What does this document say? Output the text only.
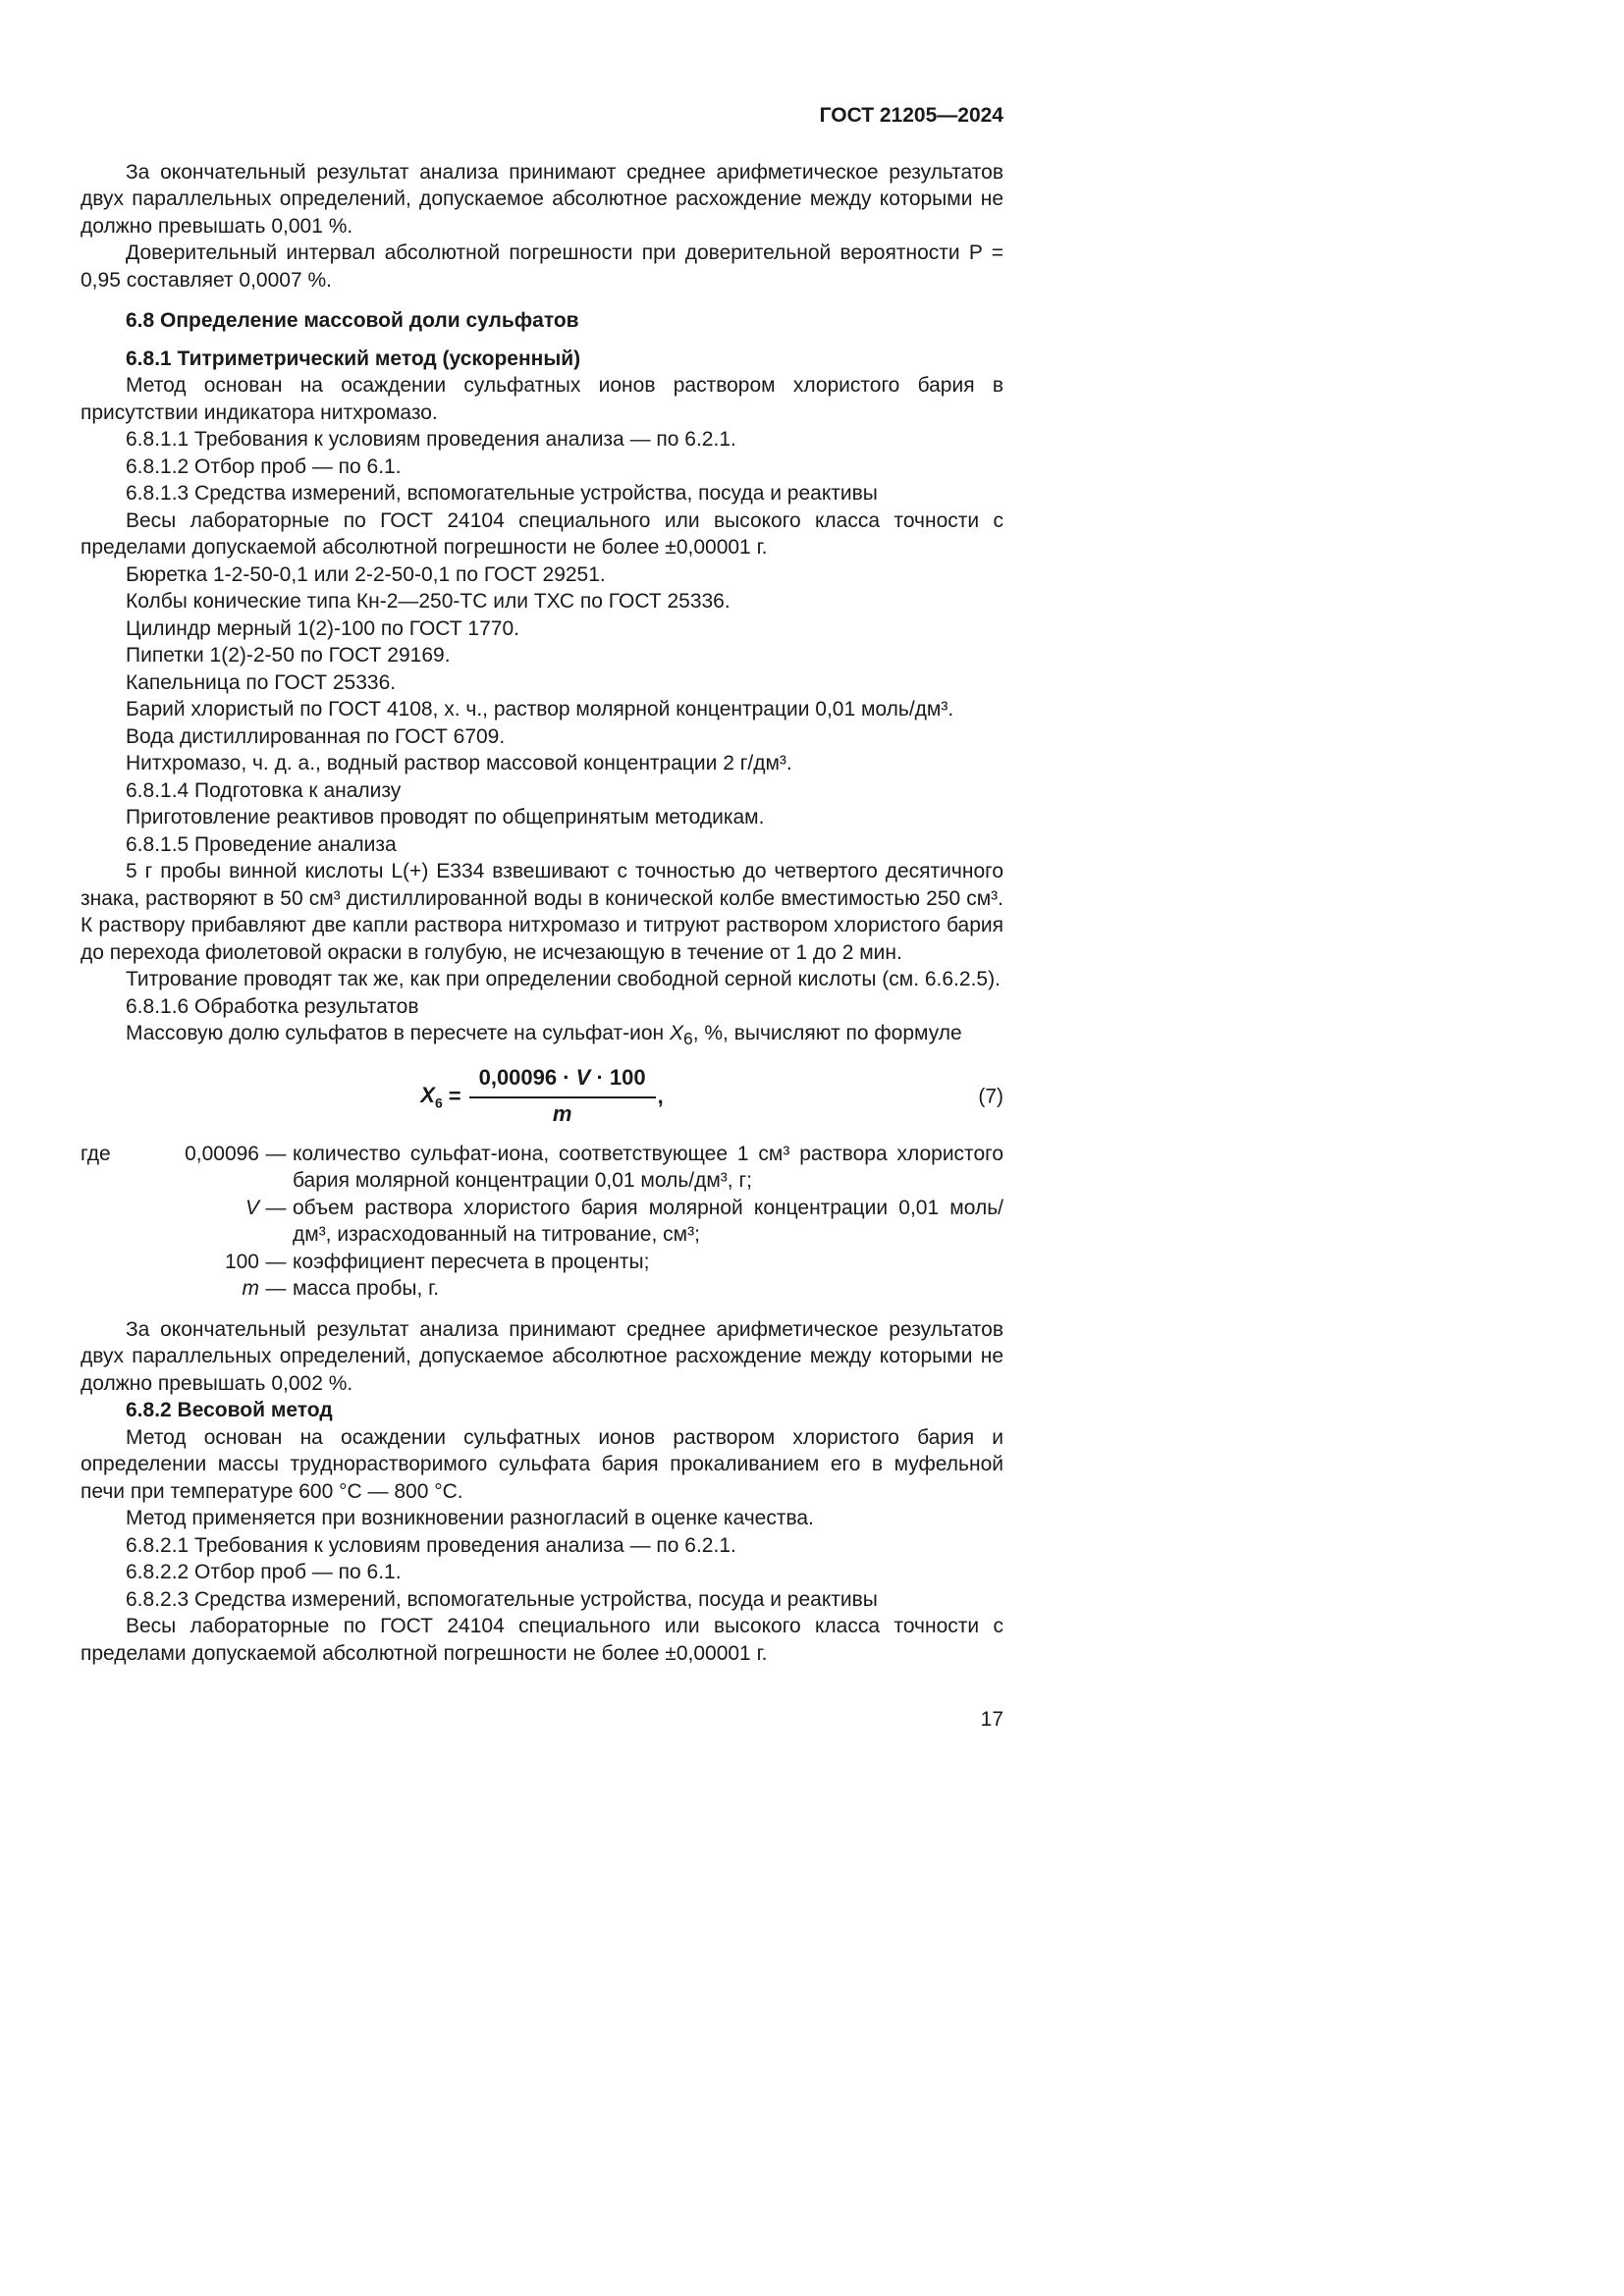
ГОСТ 21205—2024

За окончательный результат анализа принимают среднее арифметическое результатов двух параллельных определений, допускаемое абсолютное расхождение между которыми не должно превышать 0,001 %.

Доверительный интервал абсолютной погрешности при доверительной вероятности P = 0,95 составляет 0,0007 %.

6.8 Определение массовой доли сульфатов

6.8.1 Титриметрический метод (ускоренный)

Метод основан на осаждении сульфатных ионов раствором хлористого бария в присутствии индикатора нитхромазо.

6.8.1.1 Требования к условиям проведения анализа — по 6.2.1.

6.8.1.2 Отбор проб — по 6.1.

6.8.1.3 Средства измерений, вспомогательные устройства, посуда и реактивы

Весы лабораторные по ГОСТ 24104 специального или высокого класса точности с пределами допускаемой абсолютной погрешности не более ±0,00001 г.

Бюретка 1-2-50-0,1 или 2-2-50-0,1 по ГОСТ 29251.

Колбы конические типа Кн-2—250-ТС или ТХС по ГОСТ 25336.

Цилиндр мерный 1(2)-100 по ГОСТ 1770.

Пипетки 1(2)-2-50 по ГОСТ 29169.

Капельница по ГОСТ 25336.

Барий хлористый по ГОСТ 4108, х. ч., раствор молярной концентрации 0,01 моль/дм³.

Вода дистиллированная по ГОСТ 6709.

Нитхромазо, ч. д. а., водный раствор массовой концентрации 2 г/дм³.

6.8.1.4 Подготовка к анализу

Приготовление реактивов проводят по общепринятым методикам.

6.8.1.5 Проведение анализа

5 г пробы винной кислоты L(+) Е334 взвешивают с точностью до четвертого десятичного знака, растворяют в 50 см³ дистиллированной воды в конической колбе вместимостью 250 см³. К раствору прибавляют две капли раствора нитхромазо и титруют раствором хлористого бария до перехода фиолетовой окраски в голубую, не исчезающую в течение от 1 до 2 мин.

Титрование проводят так же, как при определении свободной серной кислоты (см. 6.6.2.5).

6.8.1.6 Обработка результатов

Массовую долю сульфатов в пересчете на сульфат-ион $X_6$, %, вычисляют по формуле

$X_6 = \frac{0,00096 \cdot V \cdot 100}{m}$ ,	(7)
где	0,00096 — количество сульфат-иона, соответствующее 1 см³ раствора хлористого бария молярной концентрации 0,01 моль/дм³, г;
V — объем раствора хлористого бария молярной концентрации 0,01 моль/дм³, израсходованный на титрование, см³;
100 — коэффициент пересчета в проценты;
m — масса пробы, г.

За окончательный результат анализа принимают среднее арифметическое результатов двух параллельных определений, допускаемое абсолютное расхождение между которыми не должно превышать 0,002 %.

6.8.2 Весовой метод

Метод основан на осаждении сульфатных ионов раствором хлористого бария и определении массы труднорастворимого сульфата бария прокаливанием его в муфельной печи при температуре 600 °С — 800 °С.

Метод применяется при возникновении разногласий в оценке качества.

6.8.2.1 Требования к условиям проведения анализа — по 6.2.1.

6.8.2.2 Отбор проб — по 6.1.

6.8.2.3 Средства измерений, вспомогательные устройства, посуда и реактивы

Весы лабораторные по ГОСТ 24104 специального или высокого класса точности с пределами допускаемой абсолютной погрешности не более ±0,00001 г.

17
